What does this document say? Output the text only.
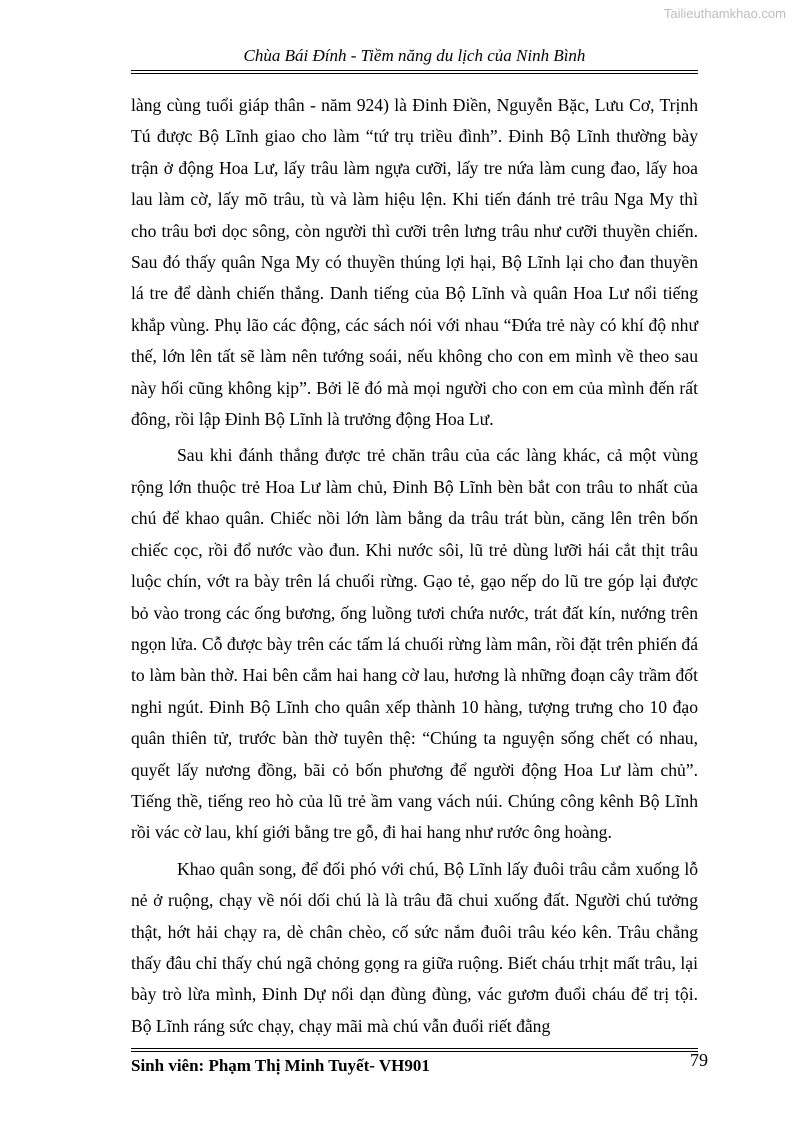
Tailieuthamkhao.com
Chùa Bái Đính - Tiềm năng du lịch của Ninh Bình

làng cùng tuổi giáp thân - năm 924) là Đinh Điền, Nguyễn Bặc, Lưu Cơ, Trịnh Tú được Bộ Lĩnh giao cho làm “tứ trụ triều đình”. Đinh Bộ Lĩnh thường bày trận ở động Hoa Lư, lấy trâu làm ngựa cưỡi, lấy tre nứa làm cung đao, lấy hoa lau làm cờ, lấy mõ trâu, tù và làm hiệu lện. Khi tiến đánh trẻ trâu Nga My thì cho trâu bơi dọc sông, còn người thì cưỡi trên lưng trâu như cưỡi thuyền chiến. Sau đó thấy quân Nga My có thuyền thúng lợi hại, Bộ Lĩnh lại cho đan thuyền lá tre để dành chiến thắng. Danh tiếng của Bộ Lĩnh và quân Hoa Lư nổi tiếng khắp vùng. Phụ lão các động, các sách nói với nhau “Đứa trẻ này có khí độ như thế, lớn lên tất sẽ làm nên tướng soái, nếu không cho con em mình về theo sau này hối cũng không kịp”. Bởi lẽ đó mà mọi người cho con em của mình đến rất đông, rồi lập Đinh Bộ Lĩnh là trưởng động Hoa Lư.

Sau khi đánh thắng được trẻ chăn trâu của các làng khác, cả một vùng rộng lớn thuộc trẻ Hoa Lư làm chủ, Đinh Bộ Lĩnh bèn bắt con trâu to nhất của chú để khao quân. Chiếc nồi lớn làm bằng da trâu trát bùn, căng lên trên bốn chiếc cọc, rồi đổ nước vào đun. Khi nước sôi, lũ trẻ dùng lưỡi hái cắt thịt trâu luộc chín, vớt ra bày trên lá chuối rừng. Gạo tẻ, gạo nếp do lũ tre góp lại được bỏ vào trong các ống bương, ống luồng tươi chứa nước, trát đất kín, nướng trên ngọn lửa. Cỗ được bày trên các tấm lá chuối rừng làm mân, rồi đặt trên phiến đá to làm bàn thờ. Hai bên cắm hai hang cờ lau, hương là những đoạn cây trầm đốt nghi ngút. Đinh Bộ Lĩnh cho quân xếp thành 10 hàng, tượng trưng cho 10 đạo quân thiên tử, trước bàn thờ tuyên thệ: “Chúng ta nguyện sống chết có nhau, quyết lấy nương đồng, bãi cỏ bốn phương để người động Hoa Lư làm chủ”. Tiếng thề, tiếng reo hò của lũ trẻ ầm vang vách núi. Chúng công kênh Bộ Lĩnh rồi vác cờ lau, khí giới bằng tre gỗ, đi hai hang như rước ông hoàng.

Khao quân song, để đối phó với chú, Bộ Lĩnh lấy đuôi trâu cắm xuống lỗ nẻ ở ruộng, chạy về nói dối chú là là trâu đã chui xuống đất. Người chú tưởng thật, hớt hải chạy ra, dè chân chèo, cố sức nắm đuôi trâu kéo kên. Trâu chẳng thấy đâu chỉ thấy chú ngã chỏng gọng ra giữa ruộng. Biết cháu trhịt mất trâu, lại bày trò lừa mình, Đinh Dự nổi dạn đùng đùng, vác gươm đuổi cháu để trị tội. Bộ Lĩnh ráng sức chạy, chạy mãi mà chú vẫn đuổi riết đằng

Sinh viên: Phạm Thị Minh Tuyết- VH901	79
